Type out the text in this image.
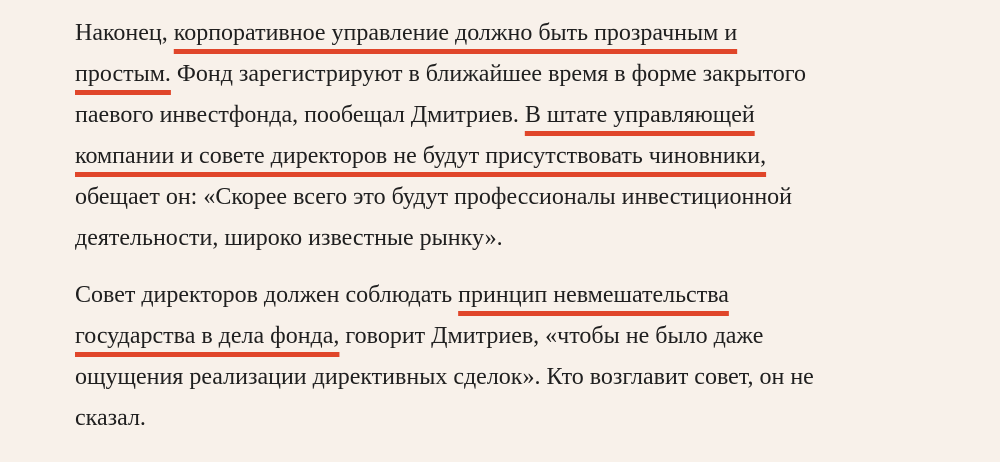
Наконец, корпоративное управление должно быть прозрачным и
простым. Фонд зарегистрируют в ближайшее время в форме закрытого
паевого инвестфонда, пообещал Дмитриев. В штате управляющей
компании и совете директоров не будут присутствовать чиновники,
обещает он: «Скорее всего это будут профессионалы инвестиционной
деятельности, широко известные рынку».
Совет директоров должен соблюдать принцип невмешательства
государства в дела фонда, говорит Дмитриев, «чтобы не было даже
ощущения реализации директивных сделок». Кто возглавит совет, он не
сказал.
